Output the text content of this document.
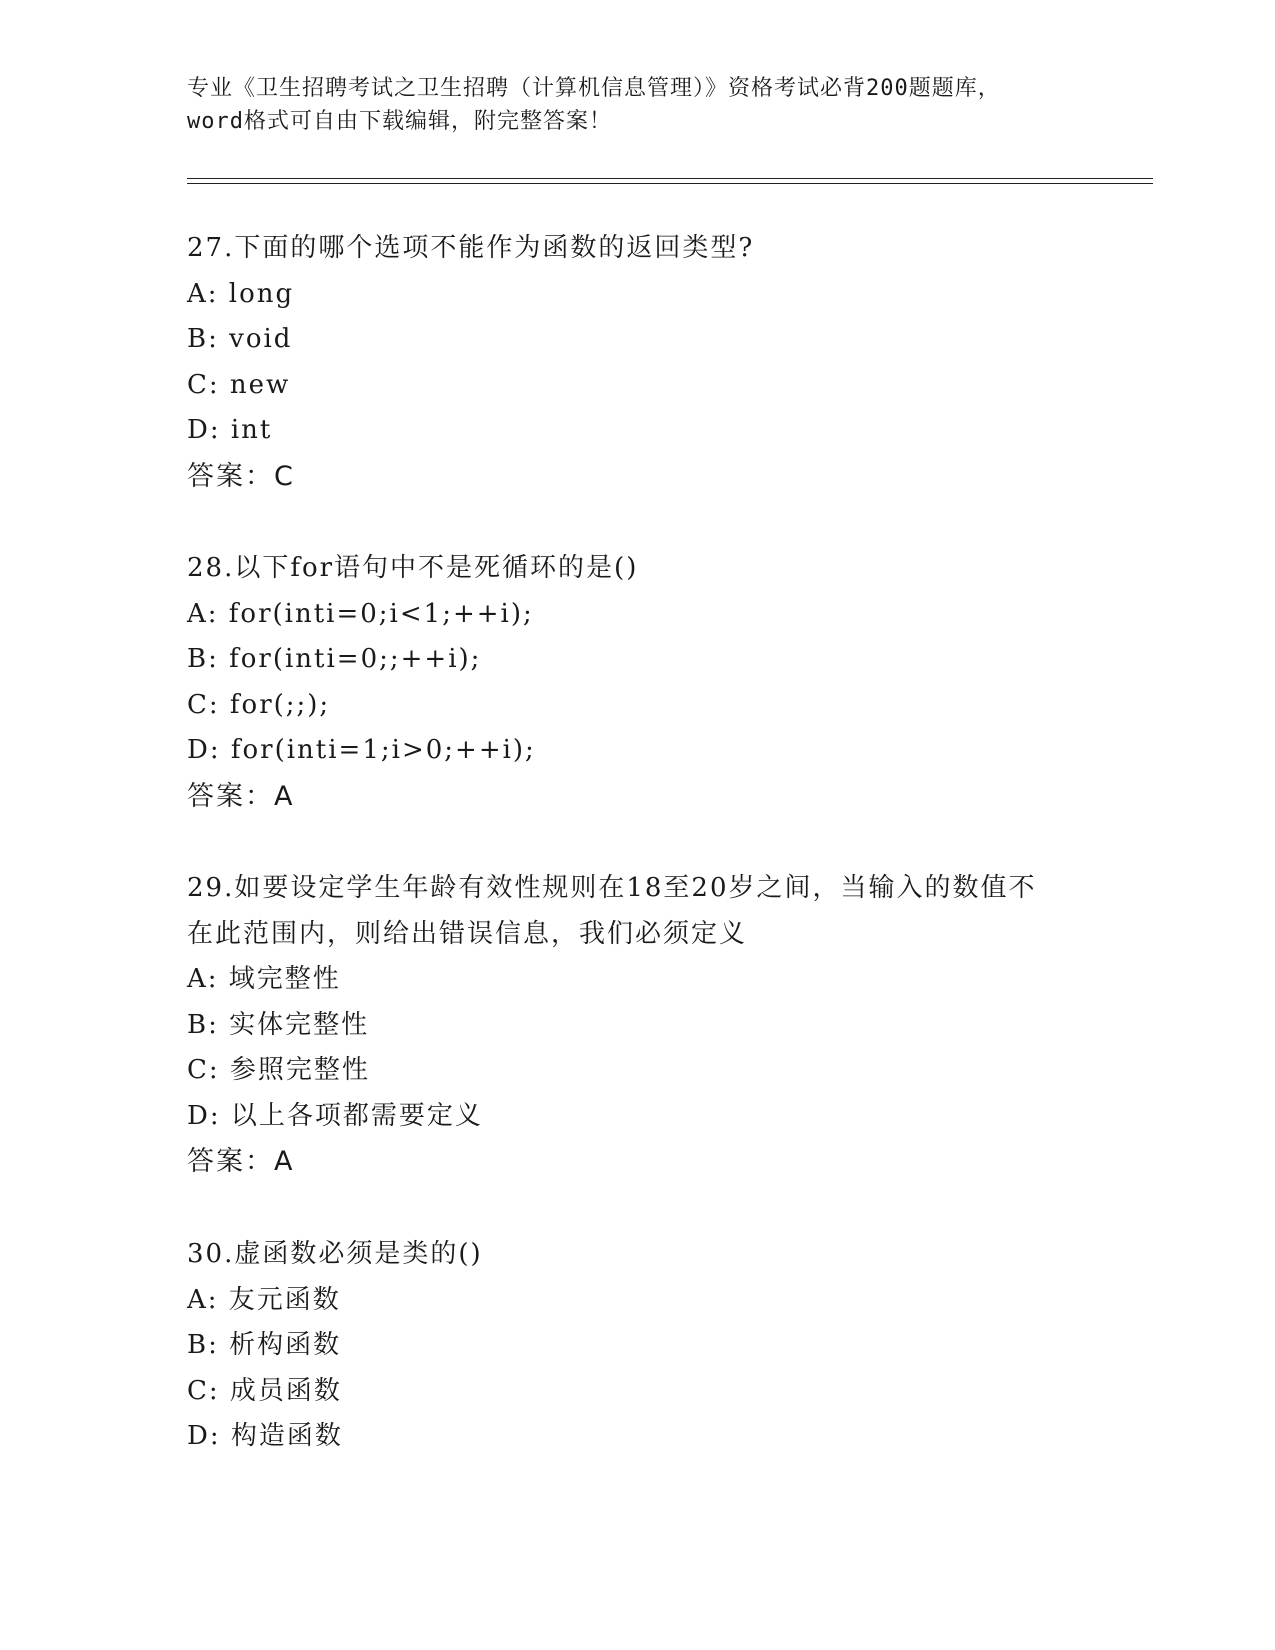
专业《卫生招聘考试之卫生招聘（计算机信息管理）》资格考试必背200题题库，
word格式可自由下载编辑，附完整答案！
27.下面的哪个选项不能作为函数的返回类型?
A: long
B: void
C: new
D: int
答案：C
28.以下for语句中不是死循环的是()
A: for(inti=0;i<1;++i);
B: for(inti=0;;++i);
C: for(;;);
D: for(inti=1;i>0;++i);
答案：A
29.如要设定学生年龄有效性规则在18至20岁之间，当输入的数值不
在此范围内，则给出错误信息，我们必须定义
A: 域完整性
B: 实体完整性
C: 参照完整性
D: 以上各项都需要定义
答案：A
30.虚函数必须是类的()
A: 友元函数
B: 析构函数
C: 成员函数
D: 构造函数
